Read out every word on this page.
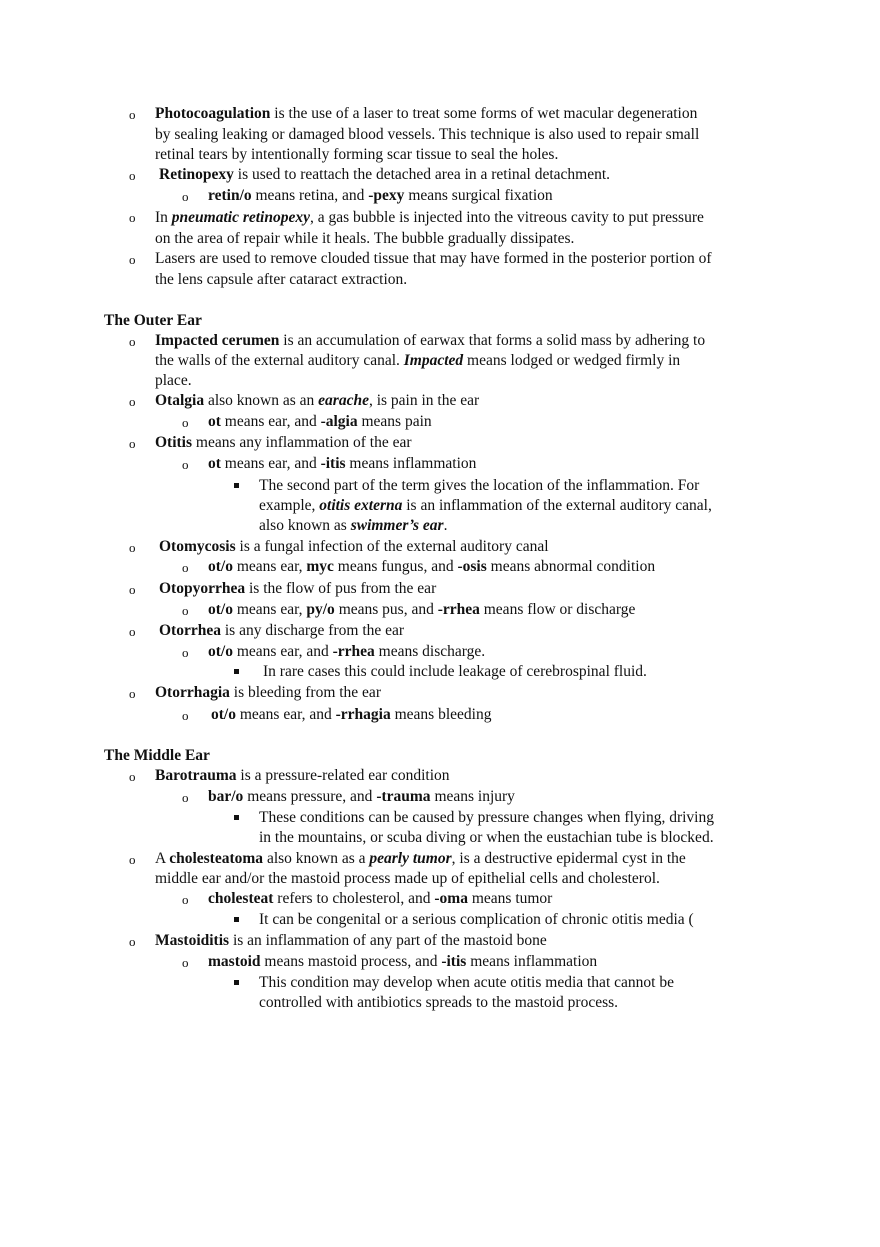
o Photocoagulation is the use of a laser to treat some forms of wet macular degeneration
by sealing leaking or damaged blood vessels. This technique is also used to repair small
retinal tears by intentionally forming scar tissue to seal the holes.
o Retinopexy is used to reattach the detached area in a retinal detachment.
o retin/o means retina, and -pexy means surgical fixation
o In pneumatic retinopexy, a gas bubble is injected into the vitreous cavity to put pressure
on the area of repair while it heals. The bubble gradually dissipates.
o Lasers are used to remove clouded tissue that may have formed in the posterior portion of
the lens capsule after cataract extraction.
The Outer Ear
o Impacted cerumen is an accumulation of earwax that forms a solid mass by adhering to
the walls of the external auditory canal. Impacted means lodged or wedged firmly in
place.
o Otalgia also known as an earache, is pain in the ear
o ot means ear, and -algia means pain
o Otitis means any inflammation of the ear
o ot means ear, and -itis means inflammation
The second part of the term gives the location of the inflammation. For
example, otitis externa is an inflammation of the external auditory canal,
also known as swimmer’s ear.
o Otomycosis is a fungal infection of the external auditory canal
o ot/o means ear, myc means fungus, and -osis means abnormal condition
o Otopyorrhea is the flow of pus from the ear
o ot/o means ear, py/o means pus, and -rrhea means flow or discharge
o Otorrhea is any discharge from the ear
o ot/o means ear, and -rrhea means discharge.
In rare cases this could include leakage of cerebrospinal fluid.
o Otorrhagia is bleeding from the ear
o ot/o means ear, and -rrhagia means bleeding
The Middle Ear
o Barotrauma is a pressure-related ear condition
o bar/o means pressure, and -trauma means injury
These conditions can be caused by pressure changes when flying, driving
in the mountains, or scuba diving or when the eustachian tube is blocked.
o A cholesteatoma also known as a pearly tumor, is a destructive epidermal cyst in the
middle ear and/or the mastoid process made up of epithelial cells and cholesterol.
o cholesteat refers to cholesterol, and -oma means tumor
It can be congenital or a serious complication of chronic otitis media (
o Mastoiditis is an inflammation of any part of the mastoid bone
o mastoid means mastoid process, and -itis means inflammation
This condition may develop when acute otitis media that cannot be
controlled with antibiotics spreads to the mastoid process.
